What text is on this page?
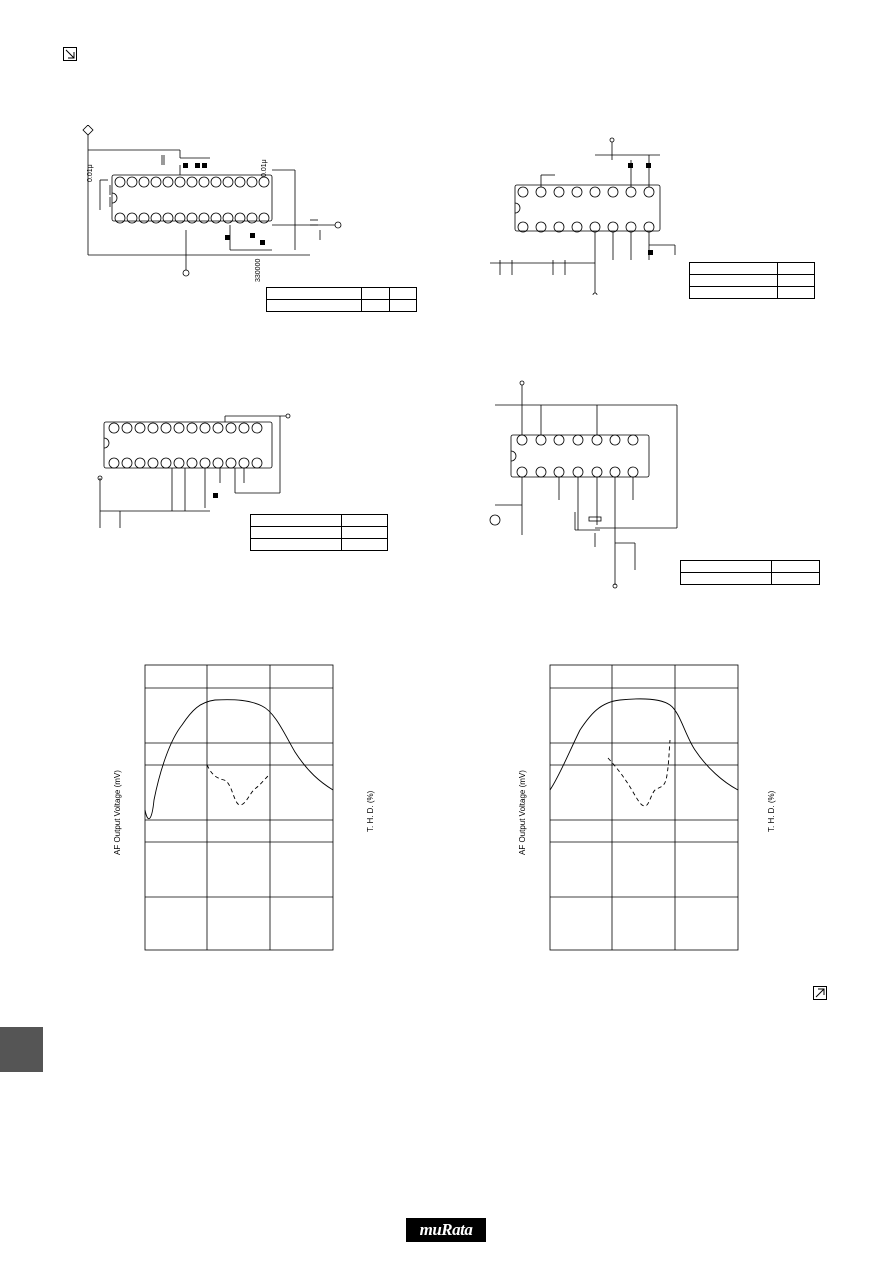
0.01μ	0.01μ
330000

AF Output Voltage (mV)	T. H. D. (%)	AF Output Voltage (mV)	T. H. D. (%)
muRata
